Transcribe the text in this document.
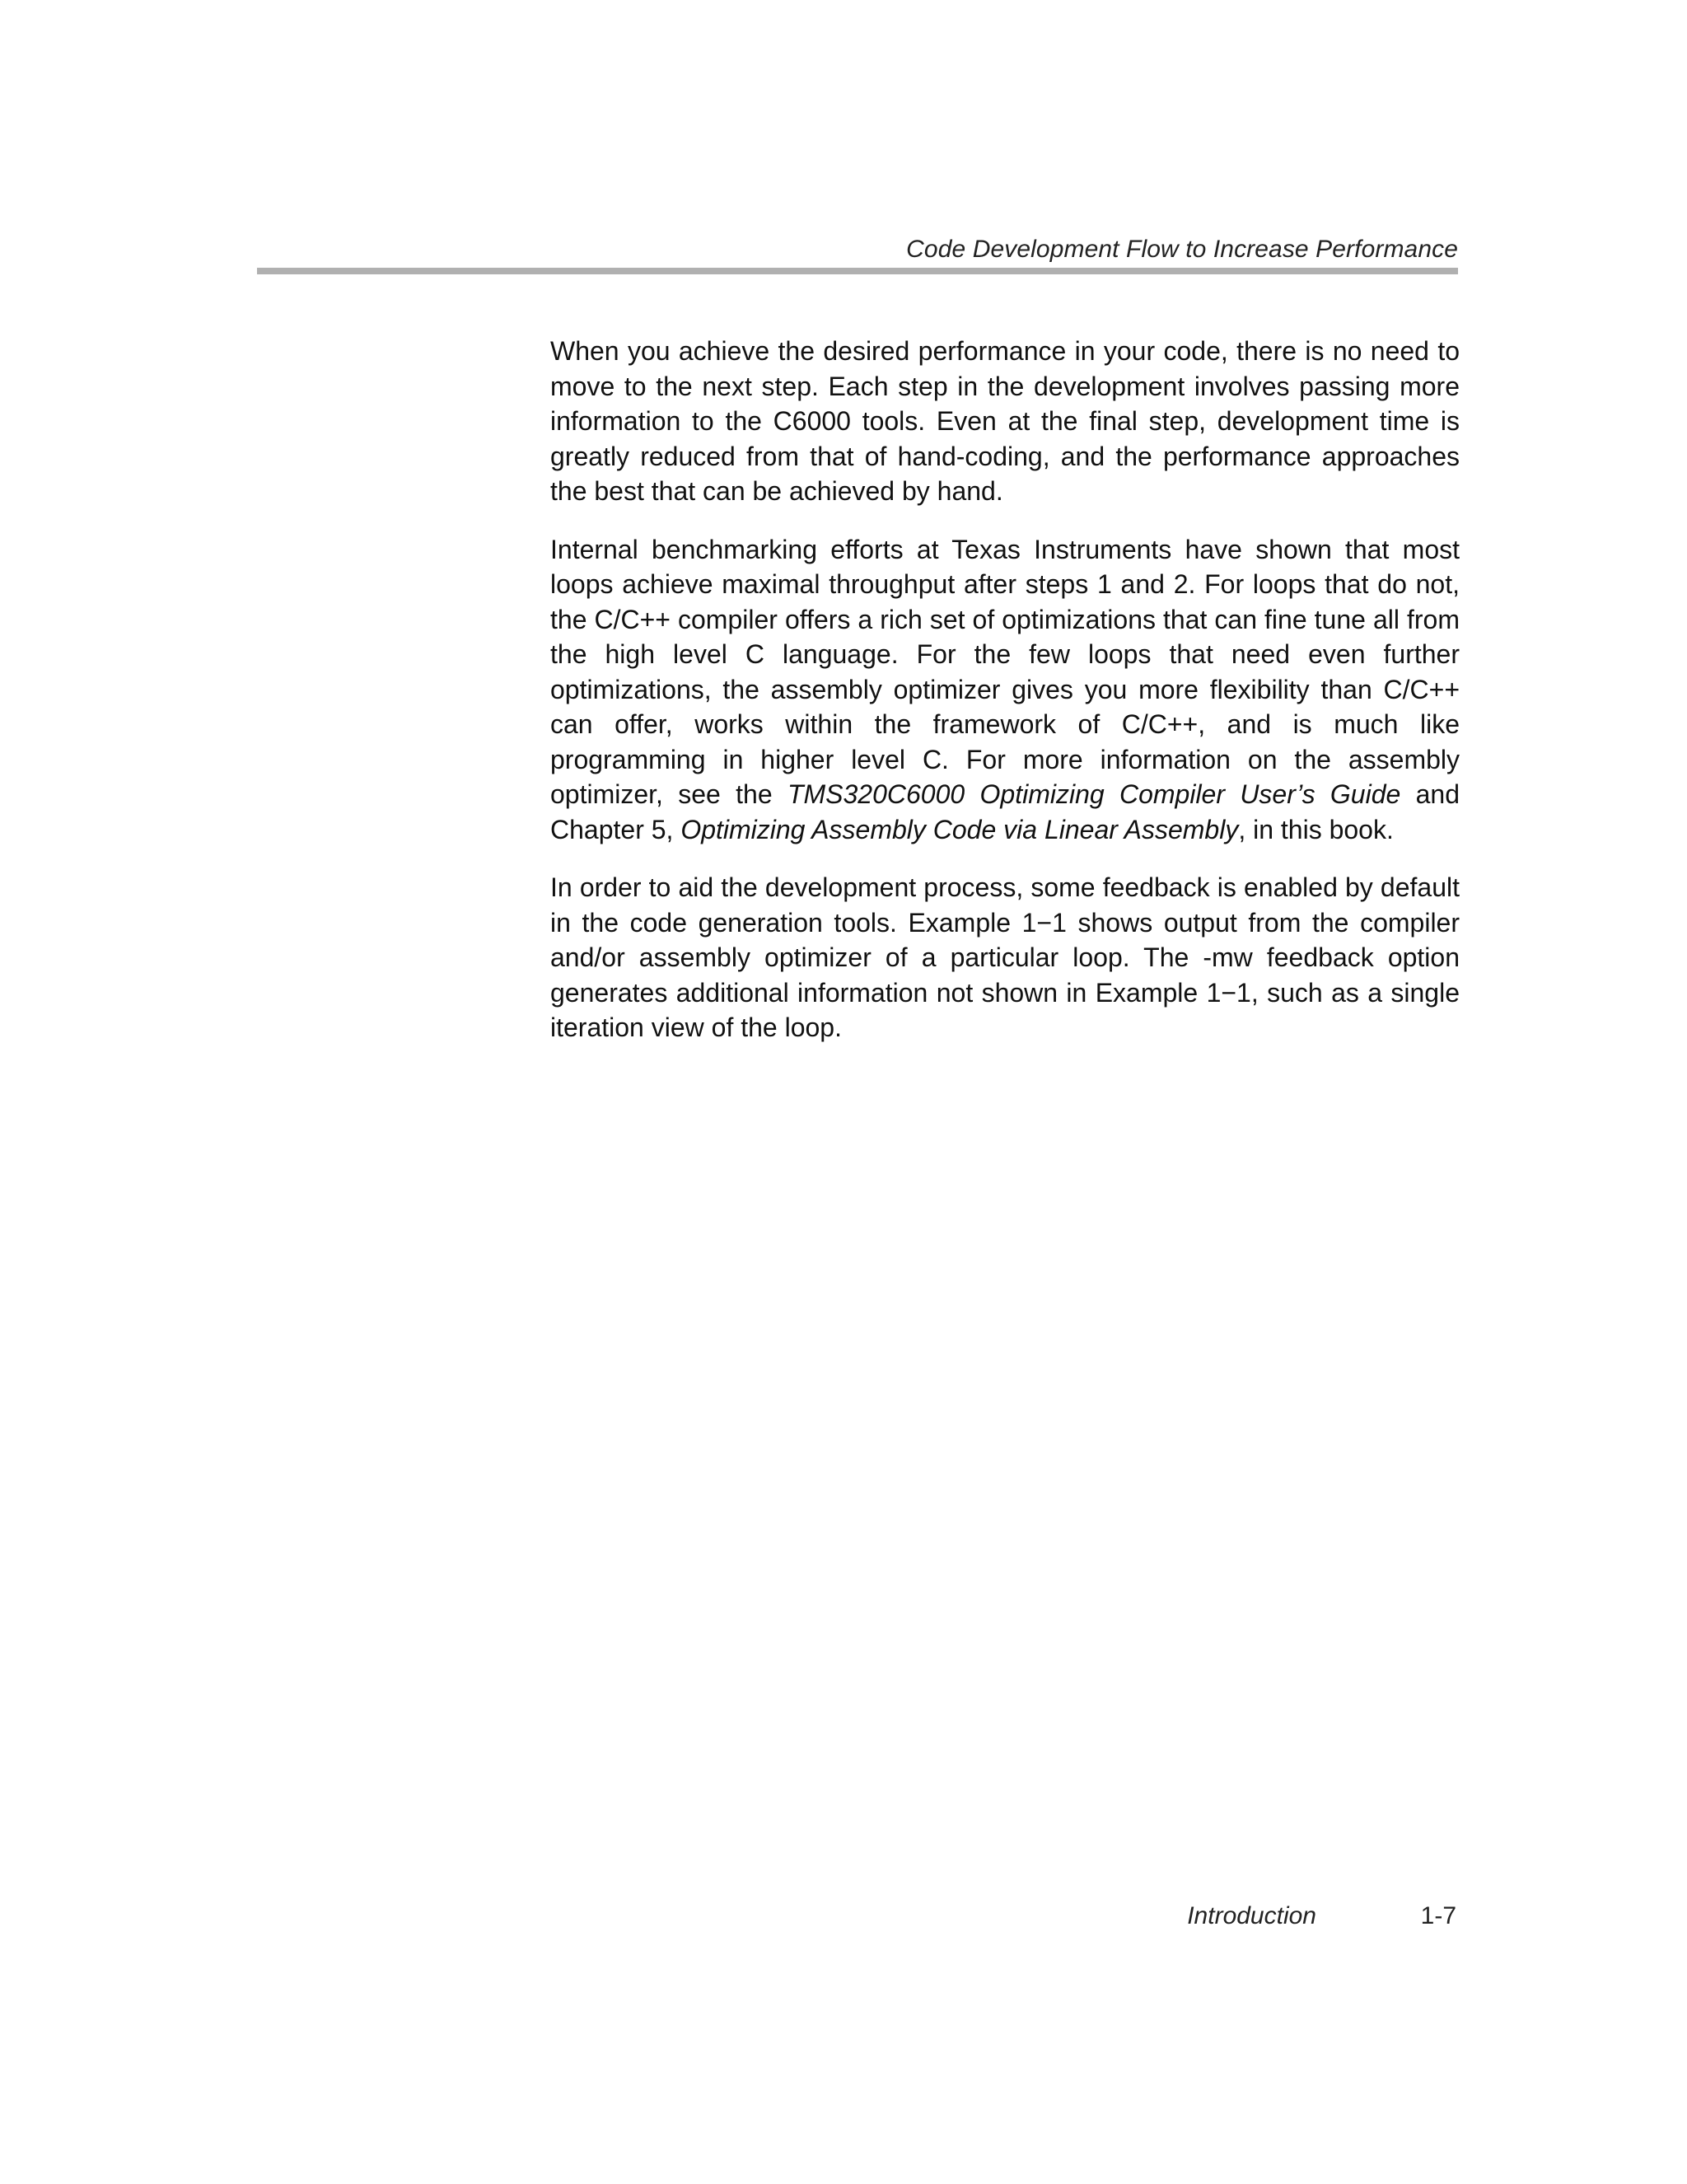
Code Development Flow to Increase Performance

When you achieve the desired performance in your code, there is no need to move to the next step. Each step in the development involves passing more information to the C6000 tools. Even at the final step, development time is greatly reduced from that of hand-coding, and the performance approaches the best that can be achieved by hand.

Internal benchmarking efforts at Texas Instruments have shown that most loops achieve maximal throughput after steps 1 and 2. For loops that do not, the C/C++ compiler offers a rich set of optimizations that can fine tune all from the high level C language. For the few loops that need even further optimizations, the assembly optimizer gives you more flexibility than C/C++ can offer, works within the framework of C/C++, and is much like programming in higher level C. For more information on the assembly optimizer, see the TMS320C6000 Optimizing Compiler User’s Guide and Chapter 5, Optimizing Assembly Code via Linear Assembly, in this book.

In order to aid the development process, some feedback is enabled by default in the code generation tools. Example 1−1 shows output from the compiler and/or assembly optimizer of a particular loop. The -mw feedback option generates additional information not shown in Example 1−1, such as a single iteration view of the loop.

Introduction	1-7
